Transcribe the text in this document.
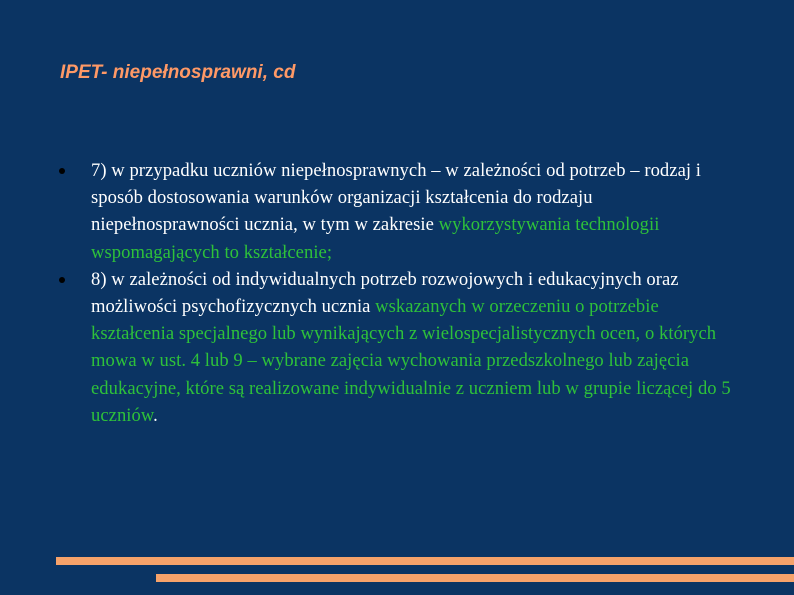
IPET- niepełnosprawni, cd
7) w przypadku uczniów niepełnosprawnych – w zależności od potrzeb – rodzaj i sposób dostosowania warunków organizacji kształcenia do rodzaju niepełnosprawności ucznia, w tym w zakresie wykorzystywania technologii wspomagających to kształcenie;
8) w zależności od indywidualnych potrzeb rozwojowych i edukacyjnych oraz możliwości psychofizycznych ucznia wskazanych w orzeczeniu o potrzebie kształcenia specjalnego lub wynikających z wielospecjalistycznych ocen, o których mowa w ust. 4 lub 9 – wybrane zajęcia wychowania przedszkolnego lub zajęcia edukacyjne, które są realizowane indywidualnie z uczniem lub w grupie liczącej do 5 uczniów.
